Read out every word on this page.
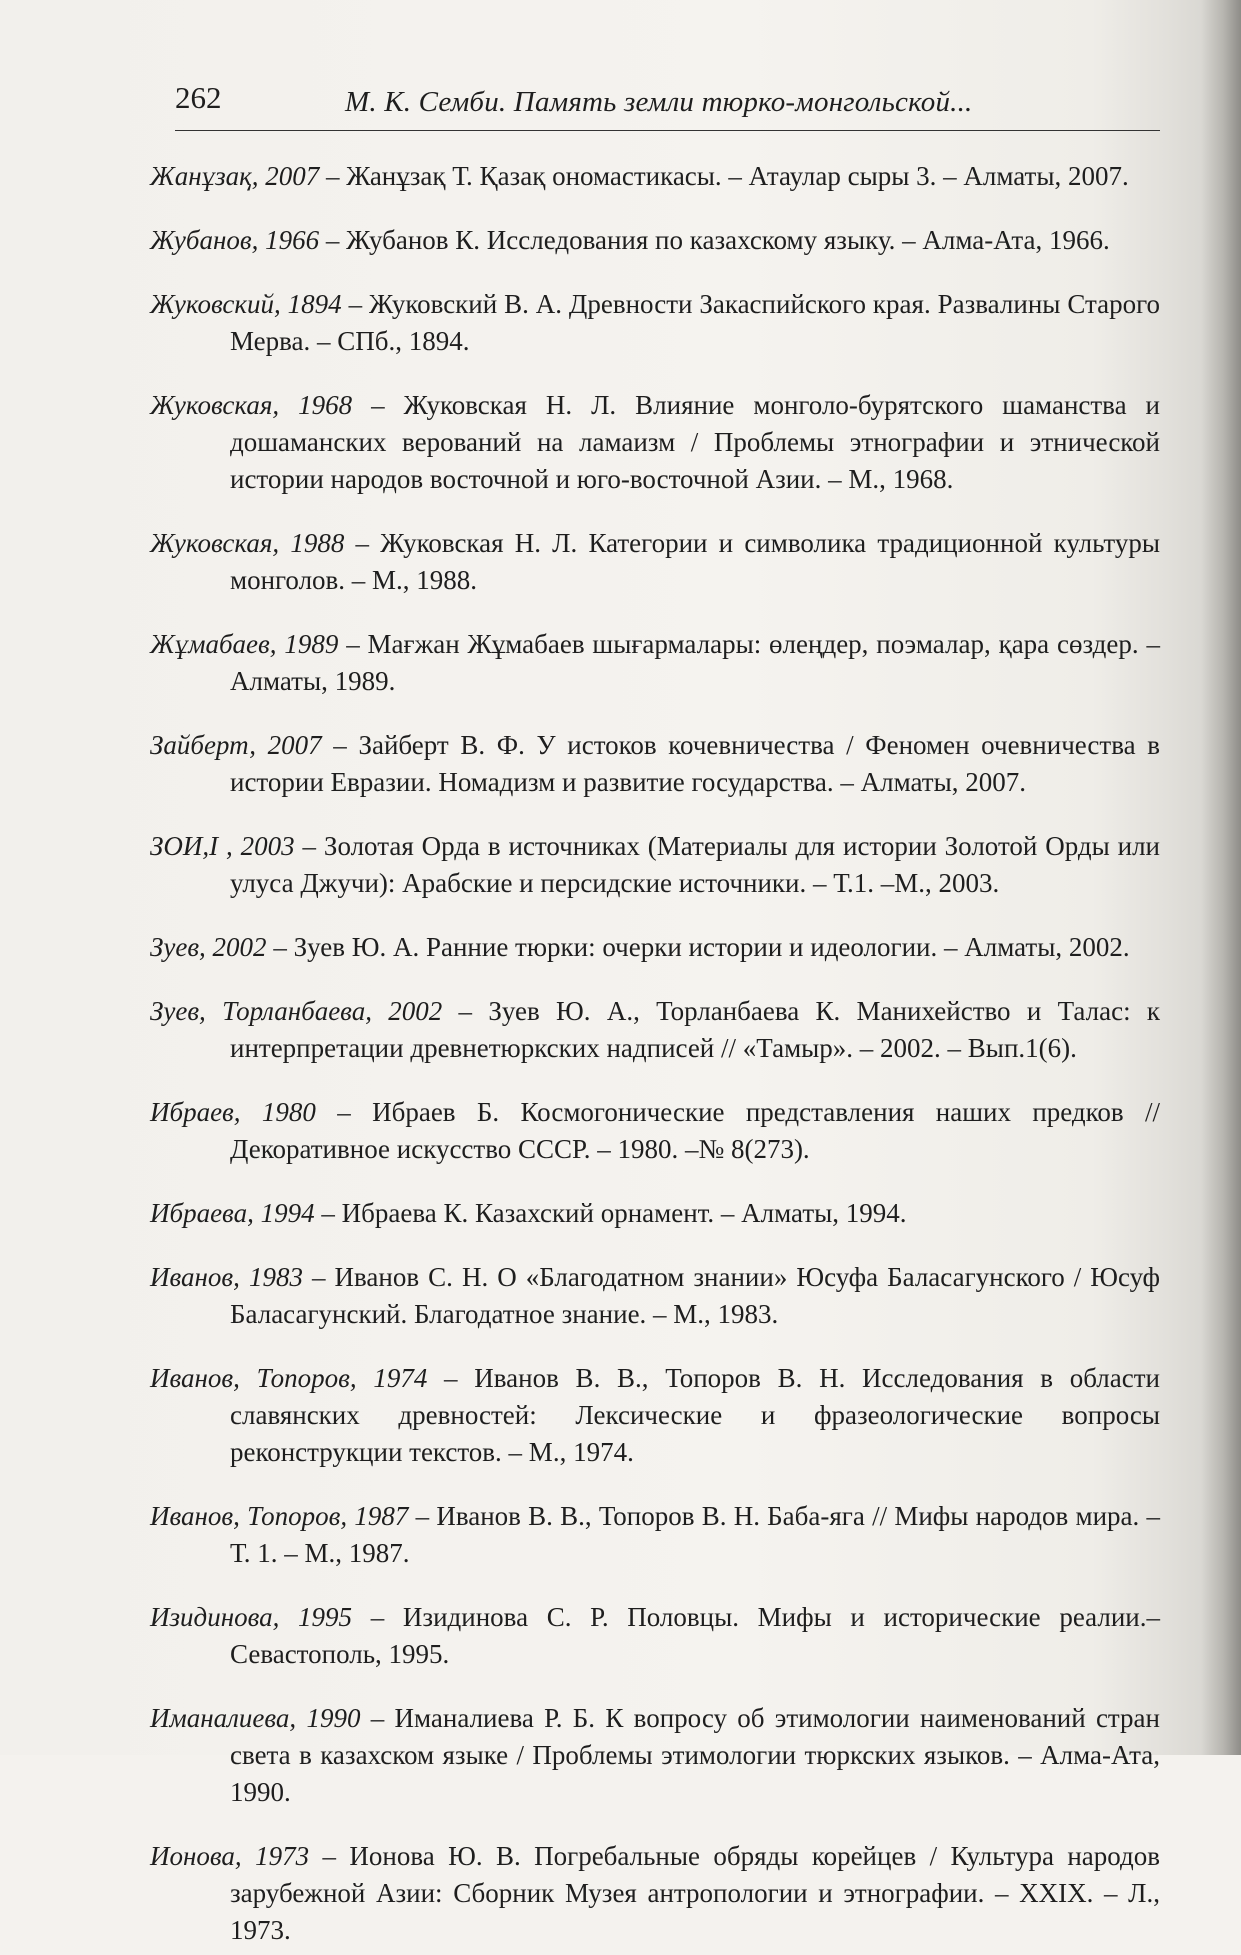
262	М. К. Семби. Память земли тюрко-монгольской...

Жанұзақ, 2007 – Жанұзақ Т. Қазақ ономастикасы. – Атаулар сыры 3. – Алматы, 2007.

Жубанов, 1966 – Жубанов К. Исследования по казахскому языку. – Алма-Ата, 1966.

Жуковский, 1894 – Жуковский В. А. Древности Закаспийского края. Развалины Старого Мерва. – СПб., 1894.

Жуковская, 1968 – Жуковская Н. Л. Влияние монголо-бурятского шаманства и дошаманских верований на ламаизм / Проблемы этнографии и этнической истории народов восточной и юго-восточной Азии. – М., 1968.

Жуковская, 1988 – Жуковская Н. Л. Категории и символика традиционной культуры монголов. – М., 1988.

Жұмабаев, 1989 – Мағжан Жұмабаев шығармалары: өлеңдер, поэмалар, қара сөздер. – Алматы, 1989.

Зайберт, 2007 – Зайберт В. Ф. У истоков кочевничества / Феномен очевничества в истории Евразии. Номадизм и развитие государства. – Алматы, 2007.

ЗОИ,I , 2003 – Золотая Орда в источниках (Материалы для истории Золотой Орды или улуса Джучи): Арабские и персидские источники. – Т.1. –М., 2003.

Зуев, 2002 – Зуев Ю. А. Ранние тюрки: очерки истории и идеологии. – Алматы, 2002.

Зуев, Торланбаева, 2002 – Зуев Ю. А., Торланбаева К. Манихейство и Талас: к интерпретации древнетюркских надписей // «Тамыр». – 2002. – Вып.1(6).

Ибраев, 1980 – Ибраев Б. Космогонические представления наших предков // Декоративное искусство СССР. – 1980. –№ 8(273).

Ибраева, 1994 – Ибраева К. Казахский орнамент. – Алматы, 1994.

Иванов, 1983 – Иванов С. Н. О «Благодатном знании» Юсуфа Баласагунского / Юсуф Баласагунский. Благодатное знание. – М., 1983.

Иванов, Топоров, 1974 – Иванов В. В., Топоров В. Н. Исследования в области славянских древностей: Лексические и фразеологические вопросы реконструкции текстов. – М., 1974.

Иванов, Топоров, 1987 – Иванов В. В., Топоров В. Н. Баба-яга // Мифы народов мира. – Т. 1. – М., 1987.

Изидинова, 1995 – Изидинова С. Р. Половцы. Мифы и исторические реалии.– Севастополь, 1995.

Иманалиева, 1990 – Иманалиева Р. Б. К вопросу об этимологии наименований стран света в казахском языке / Проблемы этимологии тюркских языков. – Алма-Ата, 1990.

Ионова, 1973 – Ионова Ю. В. Погребальные обряды корейцев / Культура народов зарубежной Азии: Сборник Музея антропологии и этнографии. – XXIX. – Л., 1973.
